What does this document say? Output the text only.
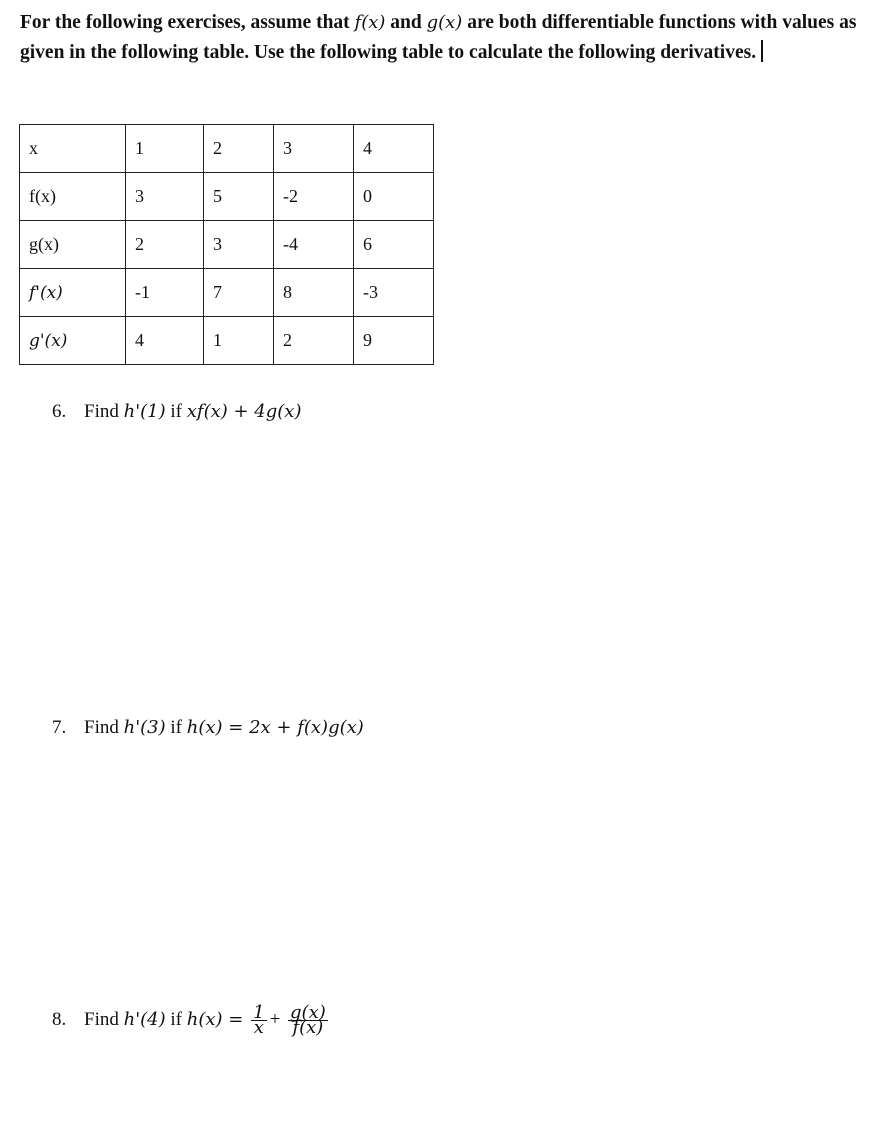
For the following exercises, assume that f(x) and g(x) are both differentiable functions with values as given in the following table. Use the following table to calculate the following derivatives.
x	1	2	3	4
f(x)	3	5	-2	0
g(x)	2	3	-4	6
f'(x)	-1	7	8	-3
g'(x)	4	1	2	9
6. Find h'(1) if xf(x) + 4g(x)
7. Find h'(3) if h(x) = 2x + f(x)g(x)
8. Find h'(4) if $h(x) = \frac{1}{x} + \frac{g(x)}{f(x)}$
